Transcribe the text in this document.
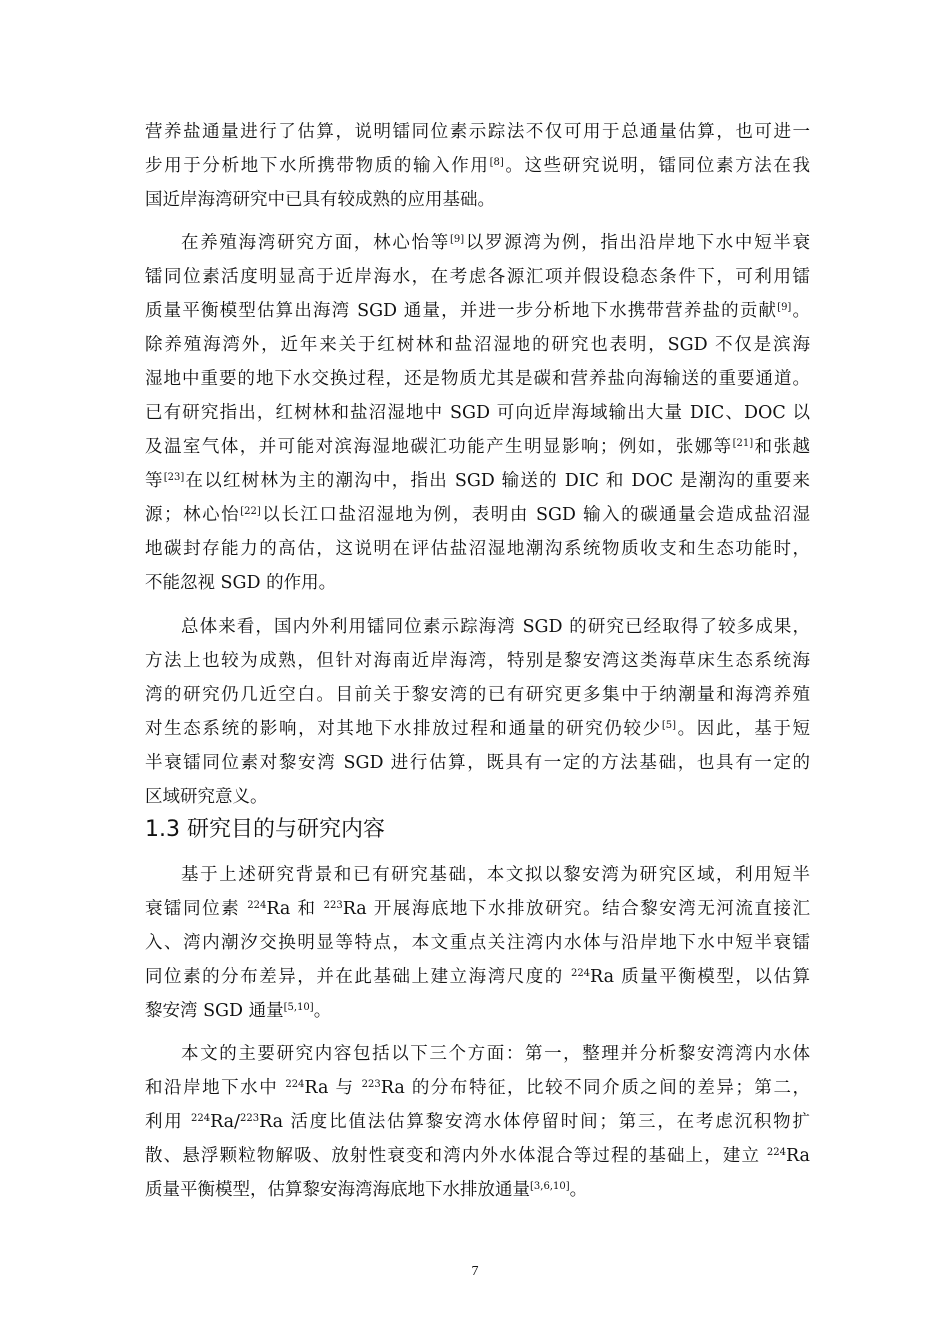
营养盐通量进行了估算，说明镭同位素示踪法不仅可用于总通量估算，也可进一
步用于分析地下水所携带物质的输入作用[8]。这些研究说明，镭同位素方法在我
国近岸海湾研究中已具有较成熟的应用基础。
在养殖海湾研究方面，林心怡等[9]以罗源湾为例，指出沿岸地下水中短半衰
镭同位素活度明显高于近岸海水，在考虑各源汇项并假设稳态条件下，可利用镭
质量平衡模型估算出海湾 SGD 通量，并进一步分析地下水携带营养盐的贡献[9]。
除养殖海湾外，近年来关于红树林和盐沼湿地的研究也表明，SGD 不仅是滨海
湿地中重要的地下水交换过程，还是物质尤其是碳和营养盐向海输送的重要通道。
已有研究指出，红树林和盐沼湿地中 SGD 可向近岸海域输出大量 DIC、DOC 以
及温室气体，并可能对滨海湿地碳汇功能产生明显影响；例如，张娜等[21]和张越
等[23]在以红树林为主的潮沟中，指出 SGD 输送的 DIC 和 DOC 是潮沟的重要来
源；林心怡[22]以长江口盐沼湿地为例，表明由 SGD 输入的碳通量会造成盐沼湿
地碳封存能力的高估，这说明在评估盐沼湿地潮沟系统物质收支和生态功能时，
不能忽视 SGD 的作用。
总体来看，国内外利用镭同位素示踪海湾 SGD 的研究已经取得了较多成果，
方法上也较为成熟，但针对海南近岸海湾，特别是黎安湾这类海草床生态系统海
湾的研究仍几近空白。目前关于黎安湾的已有研究更多集中于纳潮量和海湾养殖
对生态系统的影响，对其地下水排放过程和通量的研究仍较少[5]。因此，基于短
半衰镭同位素对黎安湾 SGD 进行估算，既具有一定的方法基础，也具有一定的
区域研究意义。
1.3 研究目的与研究内容
基于上述研究背景和已有研究基础，本文拟以黎安湾为研究区域，利用短半
衰镭同位素 $^{224}$Ra 和 $^{223}$Ra 开展海底地下水排放研究。结合黎安湾无河流直接汇
入、湾内潮汐交换明显等特点，本文重点关注湾内水体与沿岸地下水中短半衰镭
同位素的分布差异，并在此基础上建立海湾尺度的 $^{224}$Ra 质量平衡模型，以估算
黎安湾 SGD 通量[5,10]。
本文的主要研究内容包括以下三个方面：第一，整理并分析黎安湾湾内水体
和沿岸地下水中 $^{224}$Ra 与 $^{223}$Ra 的分布特征，比较不同介质之间的差异；第二，
利用 $^{224}$Ra/$^{223}$Ra 活度比值法估算黎安湾水体停留时间；第三，在考虑沉积物扩
散、悬浮颗粒物解吸、放射性衰变和湾内外水体混合等过程的基础上，建立 $^{224}$Ra
质量平衡模型，估算黎安海湾海底地下水排放通量[3,6,10]。
7
